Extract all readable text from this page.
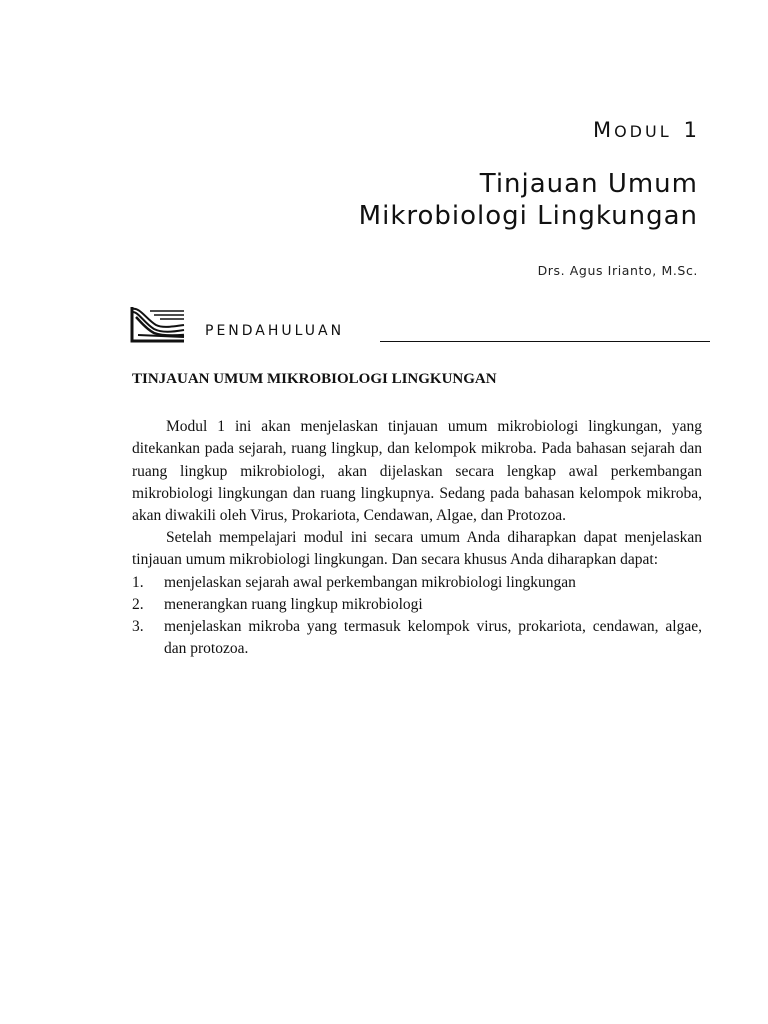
MODUL 1
Tinjauan Umum
Mikrobiologi Lingkungan
Drs. Agus Irianto, M.Sc.
PENDAHULUAN

TINJAUAN UMUM MIKROBIOLOGI LINGKUNGAN

Modul 1 ini akan menjelaskan tinjauan umum mikrobiologi lingkungan, yang ditekankan pada sejarah, ruang lingkup, dan kelompok mikroba. Pada bahasan sejarah dan ruang lingkup mikrobiologi, akan dijelaskan secara lengkap awal perkembangan mikrobiologi lingkungan dan ruang lingkupnya. Sedang pada bahasan kelompok mikroba, akan diwakili oleh Virus, Prokariota, Cendawan, Algae, dan Protozoa.

Setelah mempelajari modul ini secara umum Anda diharapkan dapat menjelaskan tinjauan umum mikrobiologi lingkungan. Dan secara khusus Anda diharapkan dapat:

1. menjelaskan sejarah awal perkembangan mikrobiologi lingkungan
2. menerangkan ruang lingkup mikrobiologi
3. menjelaskan mikroba yang termasuk kelompok virus, prokariota, cendawan, algae, dan protozoa.
